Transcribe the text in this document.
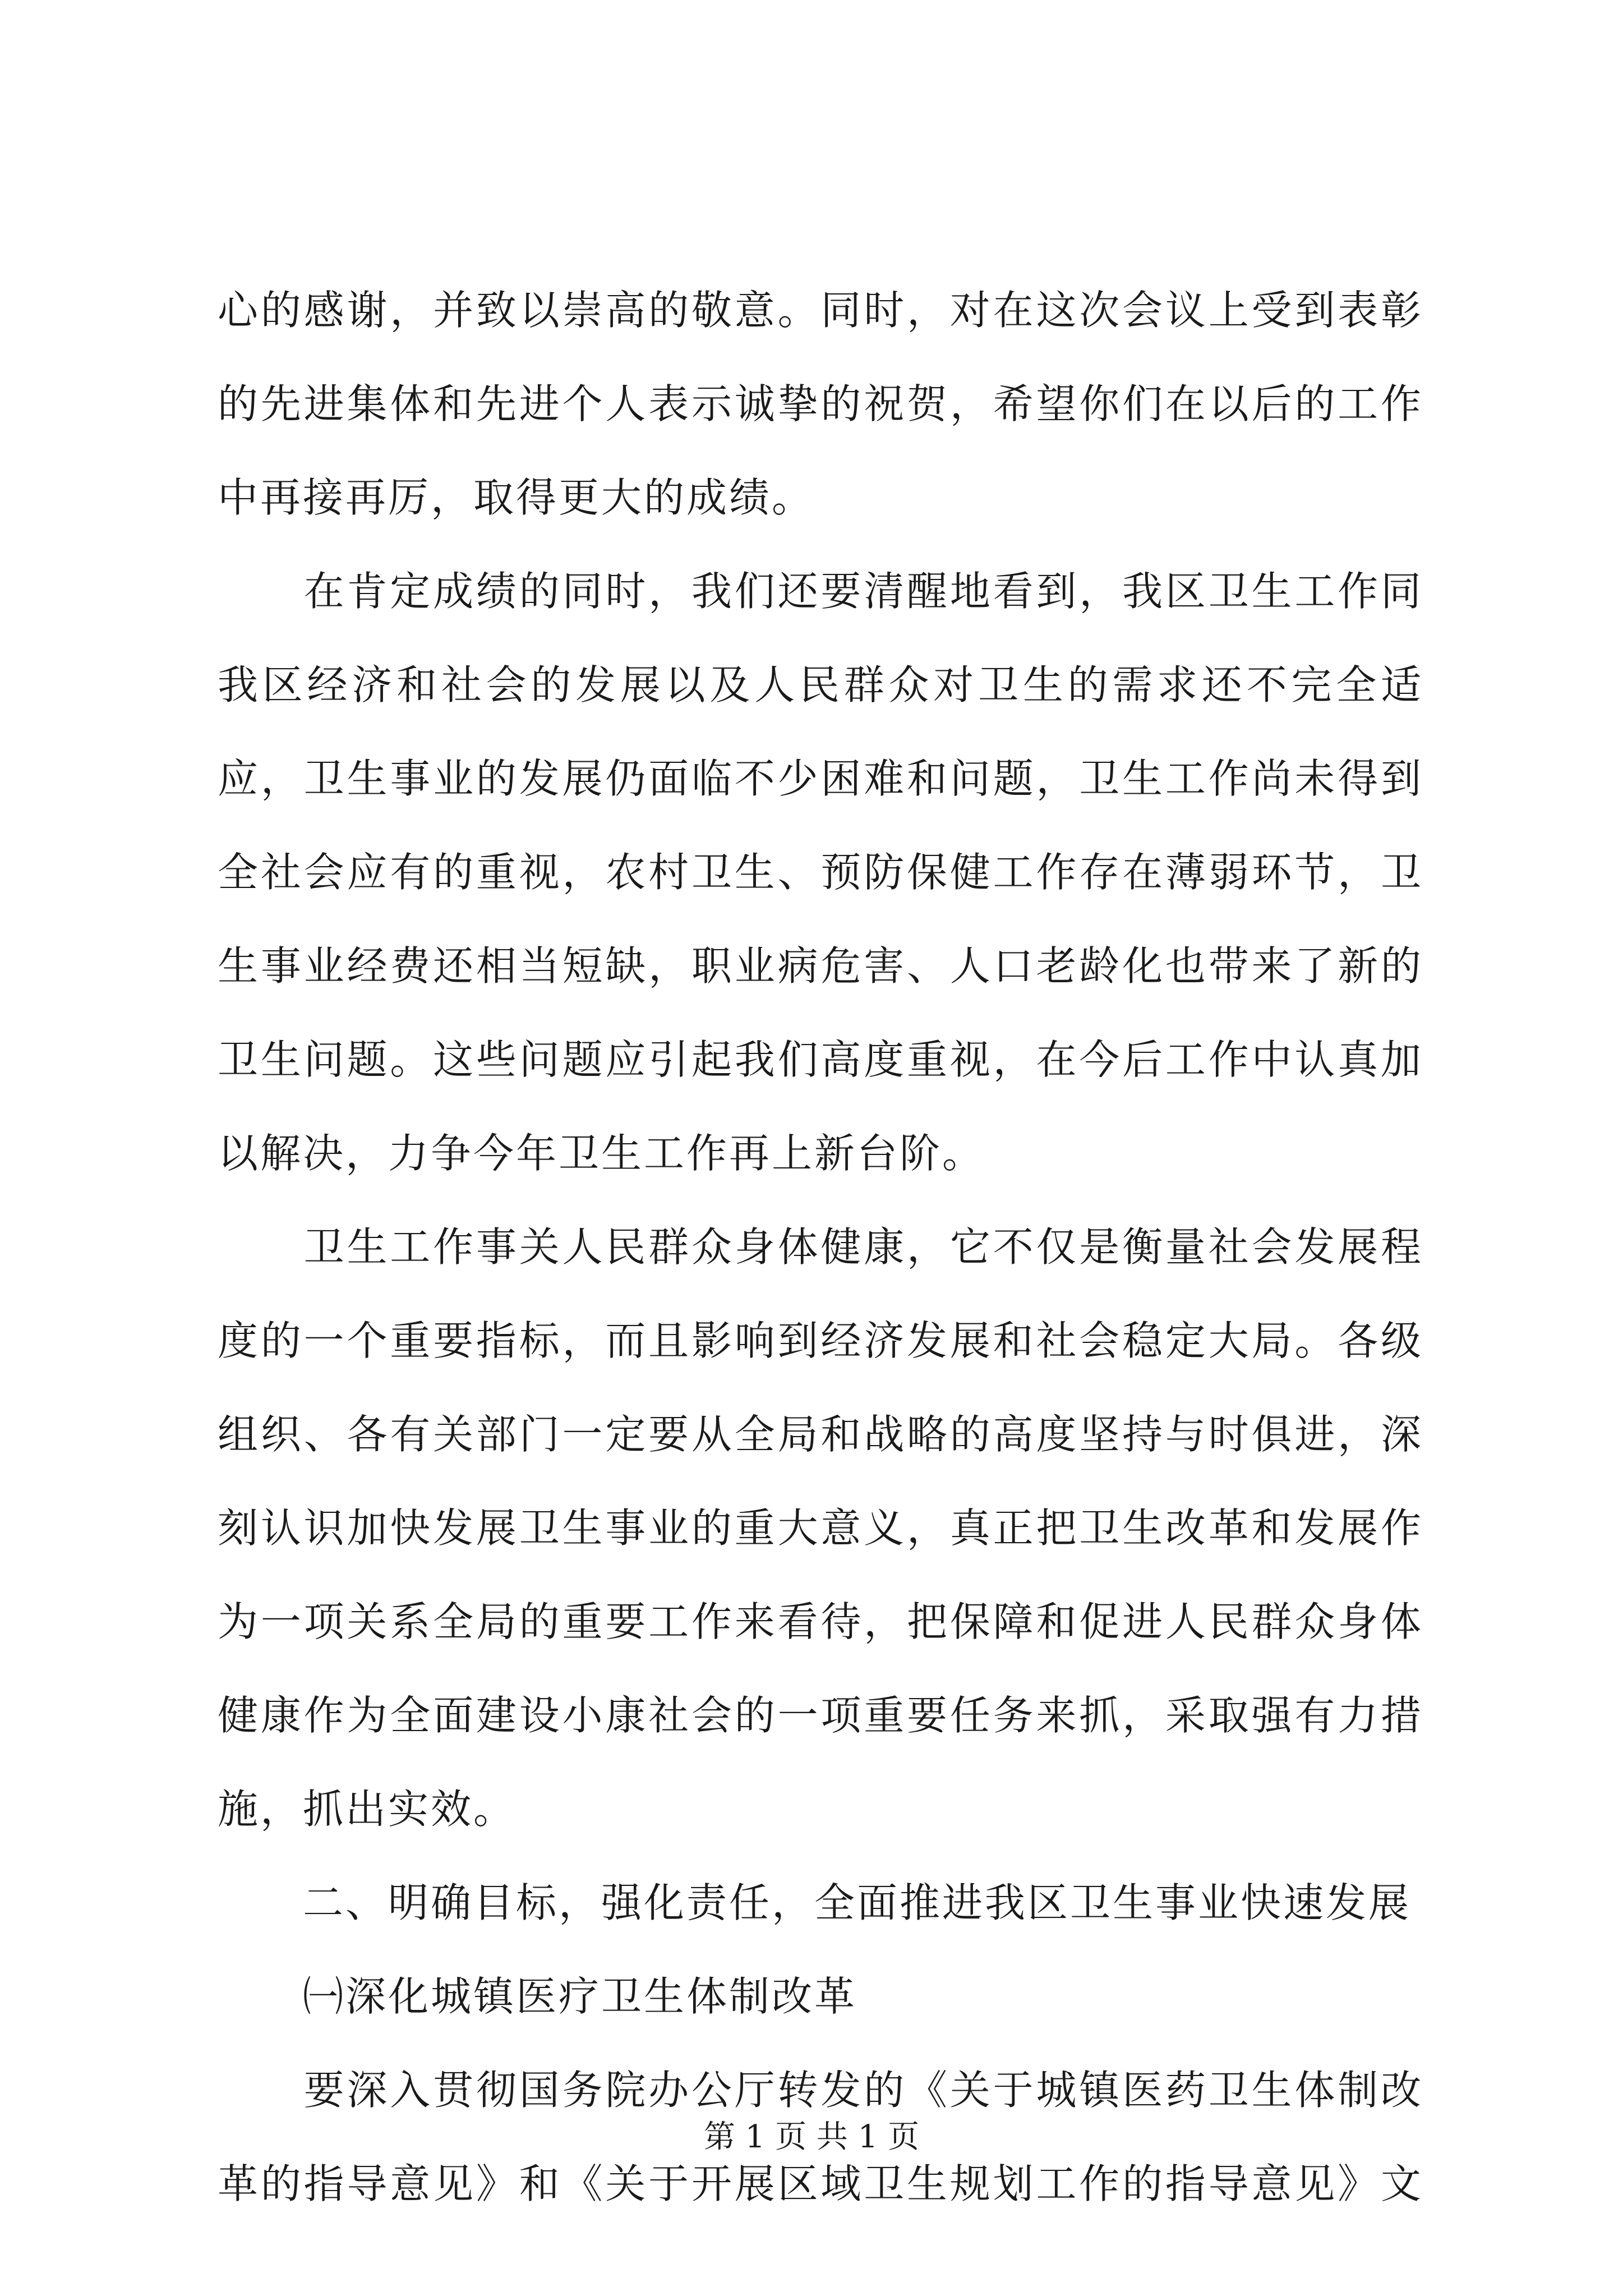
心的感谢，并致以崇高的敬意。同时，对在这次会议上受到表彰
的先进集体和先进个人表示诚挚的祝贺，希望你们在以后的工作
中再接再厉，取得更大的成绩。
　　在肯定成绩的同时，我们还要清醒地看到，我区卫生工作同
我区经济和社会的发展以及人民群众对卫生的需求还不完全适
应，卫生事业的发展仍面临不少困难和问题，卫生工作尚未得到
全社会应有的重视，农村卫生、预防保健工作存在薄弱环节，卫
生事业经费还相当短缺，职业病危害、人口老龄化也带来了新的
卫生问题。这些问题应引起我们高度重视，在今后工作中认真加
以解决，力争今年卫生工作再上新台阶。
　　卫生工作事关人民群众身体健康，它不仅是衡量社会发展程
度的一个重要指标，而且影响到经济发展和社会稳定大局。各级
组织、各有关部门一定要从全局和战略的高度坚持与时俱进，深
刻认识加快发展卫生事业的重大意义，真正把卫生改革和发展作
为一项关系全局的重要工作来看待，把保障和促进人民群众身体
健康作为全面建设小康社会的一项重要任务来抓，采取强有力措
施，抓出实效。
　　二、明确目标，强化责任，全面推进我区卫生事业快速发展
　　㈠深化城镇医疗卫生体制改革
　　要深入贯彻国务院办公厅转发的《关于城镇医药卫生体制改
革的指导意见》和《关于开展区域卫生规划工作的指导意见》文
第 1 页 共 1 页
